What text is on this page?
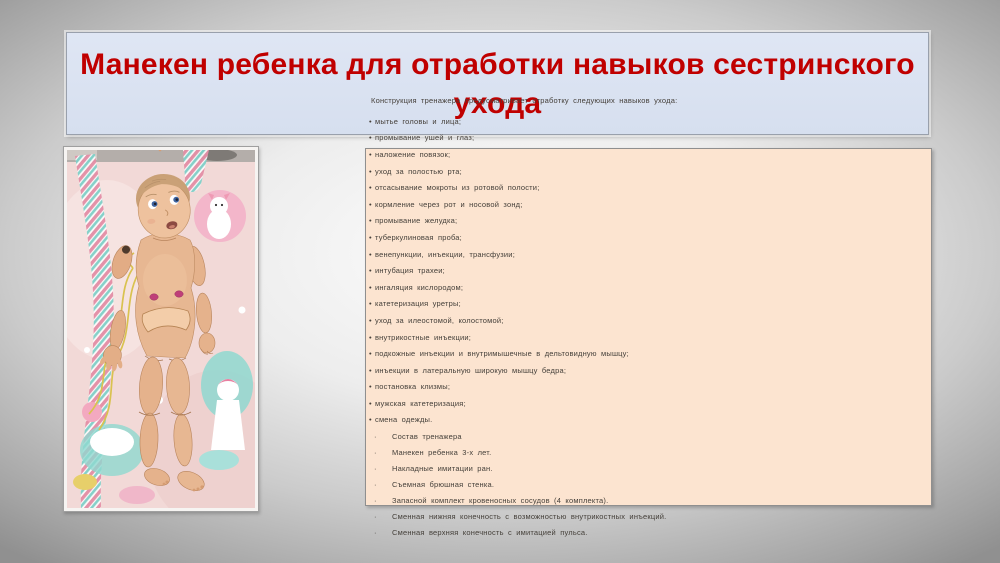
Манекен ребенка для отработки навыков сестринского ухода
Конструкция тренажера предусматривает отработку следующих навыков ухода:
• мытье головы и лица;
• промывание ушей и глаз;
• наложение повязок;
• уход за полостью рта;
• отсасывание мокроты из ротовой полости;
• кормление через рот и носовой зонд;
• промывание желудка;
• туберкулиновая проба;
• венепункции, инъекции, трансфузии;
• интубация трахеи;
• ингаляция кислородом;
• катетеризация уретры;
• уход за илеостомой, колостомой;
• внутрикостные инъекции;
• подкожные инъекции и внутримышечные в дельтовидную мышцу;
• инъекции в латеральную широкую мышцу бедра;
• постановка клизмы;
• мужская катетеризация;
• смена одежды.
·	Состав тренажера
·	Манекен ребенка 3-х лет.
·	Накладные имитации ран.
·	Съемная брюшная стенка.
·	Запасной комплект кровеносных сосудов (4 комплекта).
·	Сменная нижняя конечность с возможностью внутрикостных инъекций.
·	Сменная верхняя конечность с имитацией пульса.
